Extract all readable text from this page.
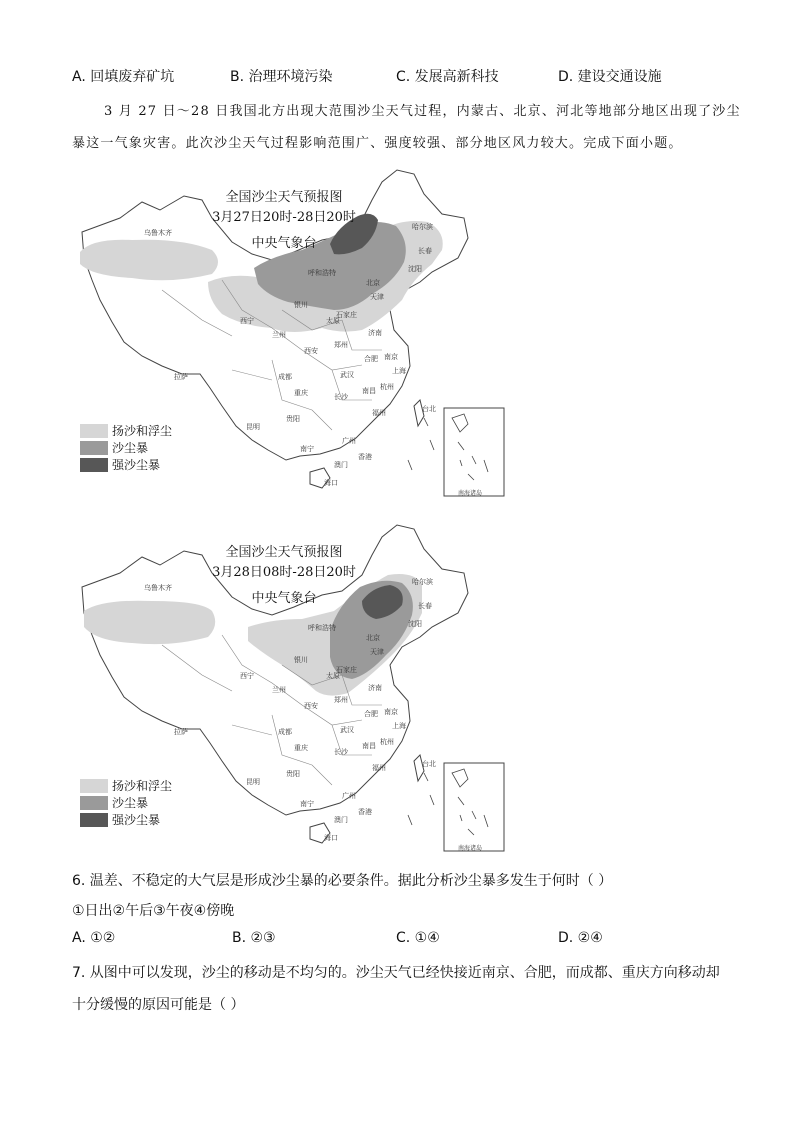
A. 回填废弃矿坑	B. 治理环境污染	C. 发展高新科技	D. 建设交通设施
3 月 27 日～28 日我国北方出现大范围沙尘天气过程，内蒙古、北京、河北等地部分地区出现了沙尘
暴这一气象灾害。此次沙尘天气过程影响范围广、强度较强、部分地区风力较大。完成下面小题。
全国沙尘天气预报图
3月27日20时-28日20时
中央气象台
乌鲁木齐
哈尔滨
长春
沈阳
呼和浩特
北京
天津
银川
太原
石家庄
济南
西宁
兰州
郑州
西安
合肥 南京
上海
拉萨	成都	武汉
杭州
重庆	长沙
南昌
福州	台北
贵阳
昆明
广州
南宁
澳门
香港
海口
南海诸岛
扬沙和浮尘
沙尘暴
强沙尘暴
全国沙尘天气预报图
3月28日08时-28日20时
中央气象台
乌鲁木齐
哈尔滨
长春
沈阳
呼和浩特
北京
天津
银川
太原
石家庄
济南
西宁
兰州
郑州
西安
合肥 南京
上海
拉萨	成都	武汉
杭州
重庆	长沙
南昌
福州	台北
贵阳
昆明
广州
南宁
澳门
香港
海口
南海诸岛
扬沙和浮尘
沙尘暴
强沙尘暴
6. 温差、不稳定的大气层是形成沙尘暴的必要条件。据此分析沙尘暴多发生于何时（ ）
①日出②午后③午夜④傍晚
A. ①②	B. ②③	C. ①④	D. ②④
7. 从图中可以发现，沙尘的移动是不均匀的。沙尘天气已经快接近南京、合肥，而成都、重庆方向移动却
十分缓慢的原因可能是（ ）
